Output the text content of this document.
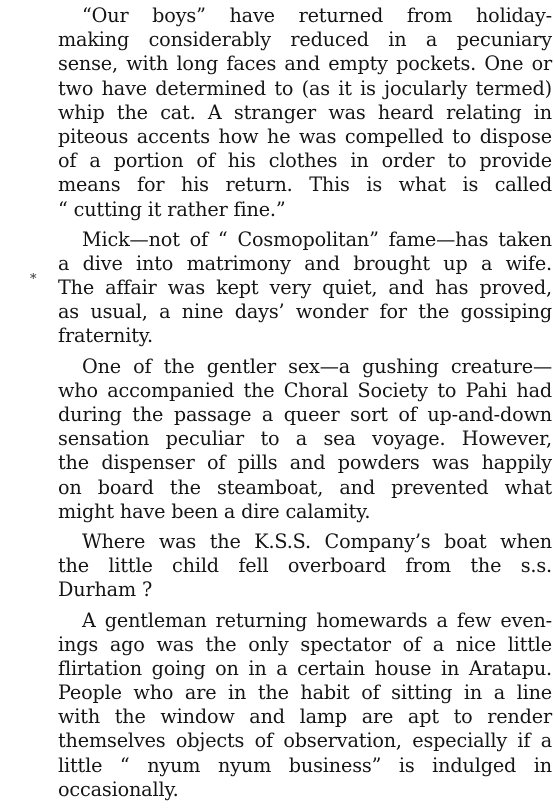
*

“Our boys” have returned from holiday-
making considerably reduced in a pecuniary
sense, with long faces and empty pockets. One or
two have determined to (as it is jocularly termed)
whip the cat. A stranger was heard relating in
piteous accents how he was compelled to dispose
of a portion of his clothes in order to provide
means for his return. This is what is called
“ cutting it rather fine.”

Mick—not of “ Cosmopolitan” fame—has taken
a dive into matrimony and brought up a wife.
The affair was kept very quiet, and has proved,
as usual, a nine days’ wonder for the gossiping
fraternity.

One of the gentler sex—a gushing creature—
who accompanied the Choral Society to Pahi had
during the passage a queer sort of up-and-down
sensation peculiar to a sea voyage. However,
the dispenser of pills and powders was happily
on board the steamboat, and prevented what
might have been a dire calamity.

Where was the K.S.S. Company’s boat when
the little child fell overboard from the s.s.
Durham ?

A gentleman returning homewards a few even-
ings ago was the only spectator of a nice little
flirtation going on in a certain house in Aratapu.
People who are in the habit of sitting in a line
with the window and lamp are apt to render
themselves objects of observation, especially if a
little “ nyum nyum business” is indulged in
occasionally.
